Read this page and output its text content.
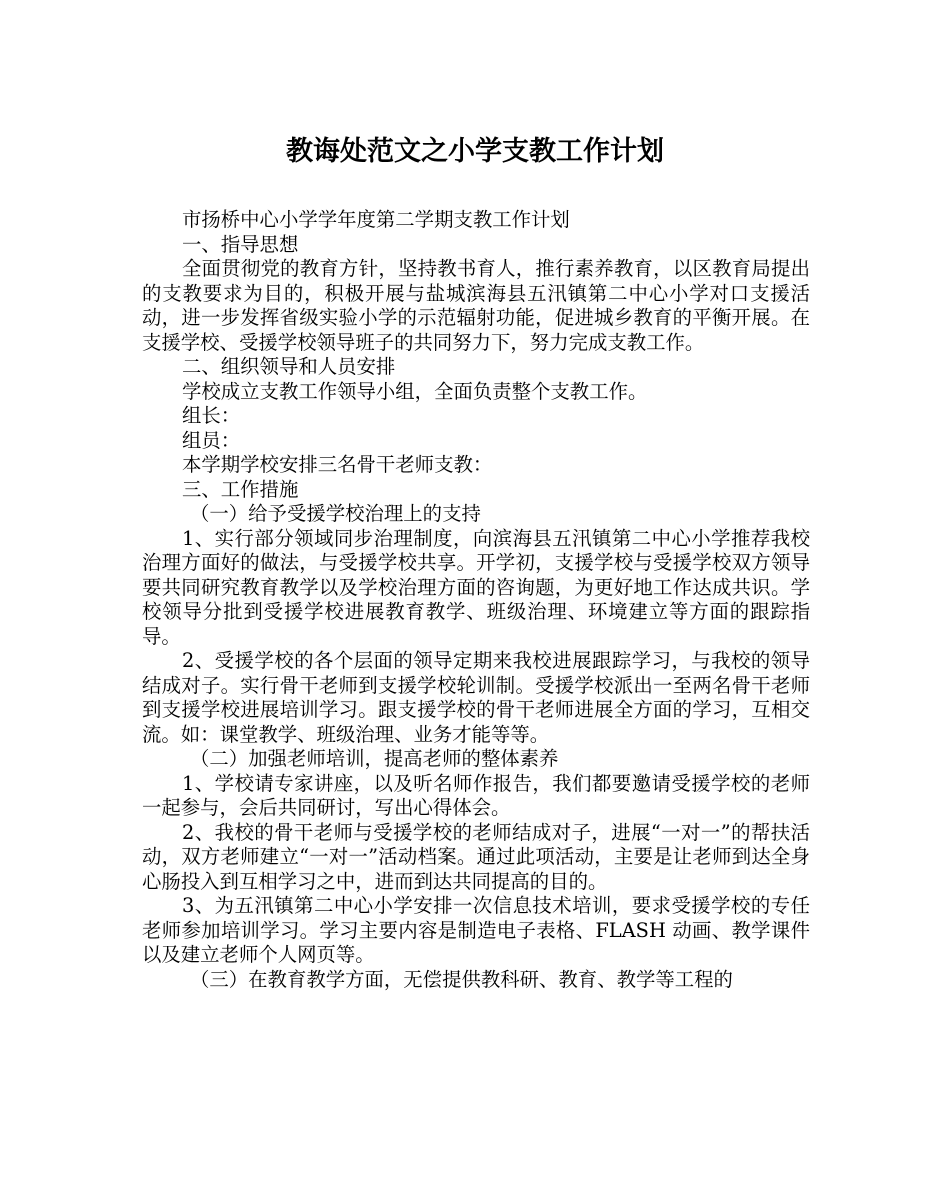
教诲处范文之小学支教工作计划

市扬桥中心小学学年度第二学期支教工作计划

一、指导思想

全面贯彻党的教育方针，坚持教书育人，推行素养教育，以区教育局提出的支教要求为目的，积极开展与盐城滨海县五汛镇第二中心小学对口支援活动，进一步发挥省级实验小学的示范辐射功能，促进城乡教育的平衡开展。在支援学校、受援学校领导班子的共同努力下，努力完成支教工作。

二、组织领导和人员安排

学校成立支教工作领导小组，全面负责整个支教工作。

组长：

组员：

本学期学校安排三名骨干老师支教：

三、工作措施

（一）给予受援学校治理上的支持

1、实行部分领域同步治理制度，向滨海县五汛镇第二中心小学推荐我校治理方面好的做法，与受援学校共享。开学初，支援学校与受援学校双方领导要共同研究教育教学以及学校治理方面的咨询题，为更好地工作达成共识。学校领导分批到受援学校进展教育教学、班级治理、环境建立等方面的跟踪指导。

2、受援学校的各个层面的领导定期来我校进展跟踪学习，与我校的领导结成对子。实行骨干老师到支援学校轮训制。受援学校派出一至两名骨干老师到支援学校进展培训学习。跟支援学校的骨干老师进展全方面的学习，互相交流。如：课堂教学、班级治理、业务才能等等。

（二）加强老师培训，提高老师的整体素养

1、学校请专家讲座，以及听名师作报告，我们都要邀请受援学校的老师一起参与，会后共同研讨，写出心得体会。

2、我校的骨干老师与受援学校的老师结成对子，进展“一对一”的帮扶活动，双方老师建立“一对一”活动档案。通过此项活动，主要是让老师到达全身心肠投入到互相学习之中，进而到达共同提高的目的。

3、为五汛镇第二中心小学安排一次信息技术培训，要求受援学校的专任老师参加培训学习。学习主要内容是制造电子表格、FLASH 动画、教学课件以及建立老师个人网页等。

（三）在教育教学方面，无偿提供教科研、教育、教学等工程的
